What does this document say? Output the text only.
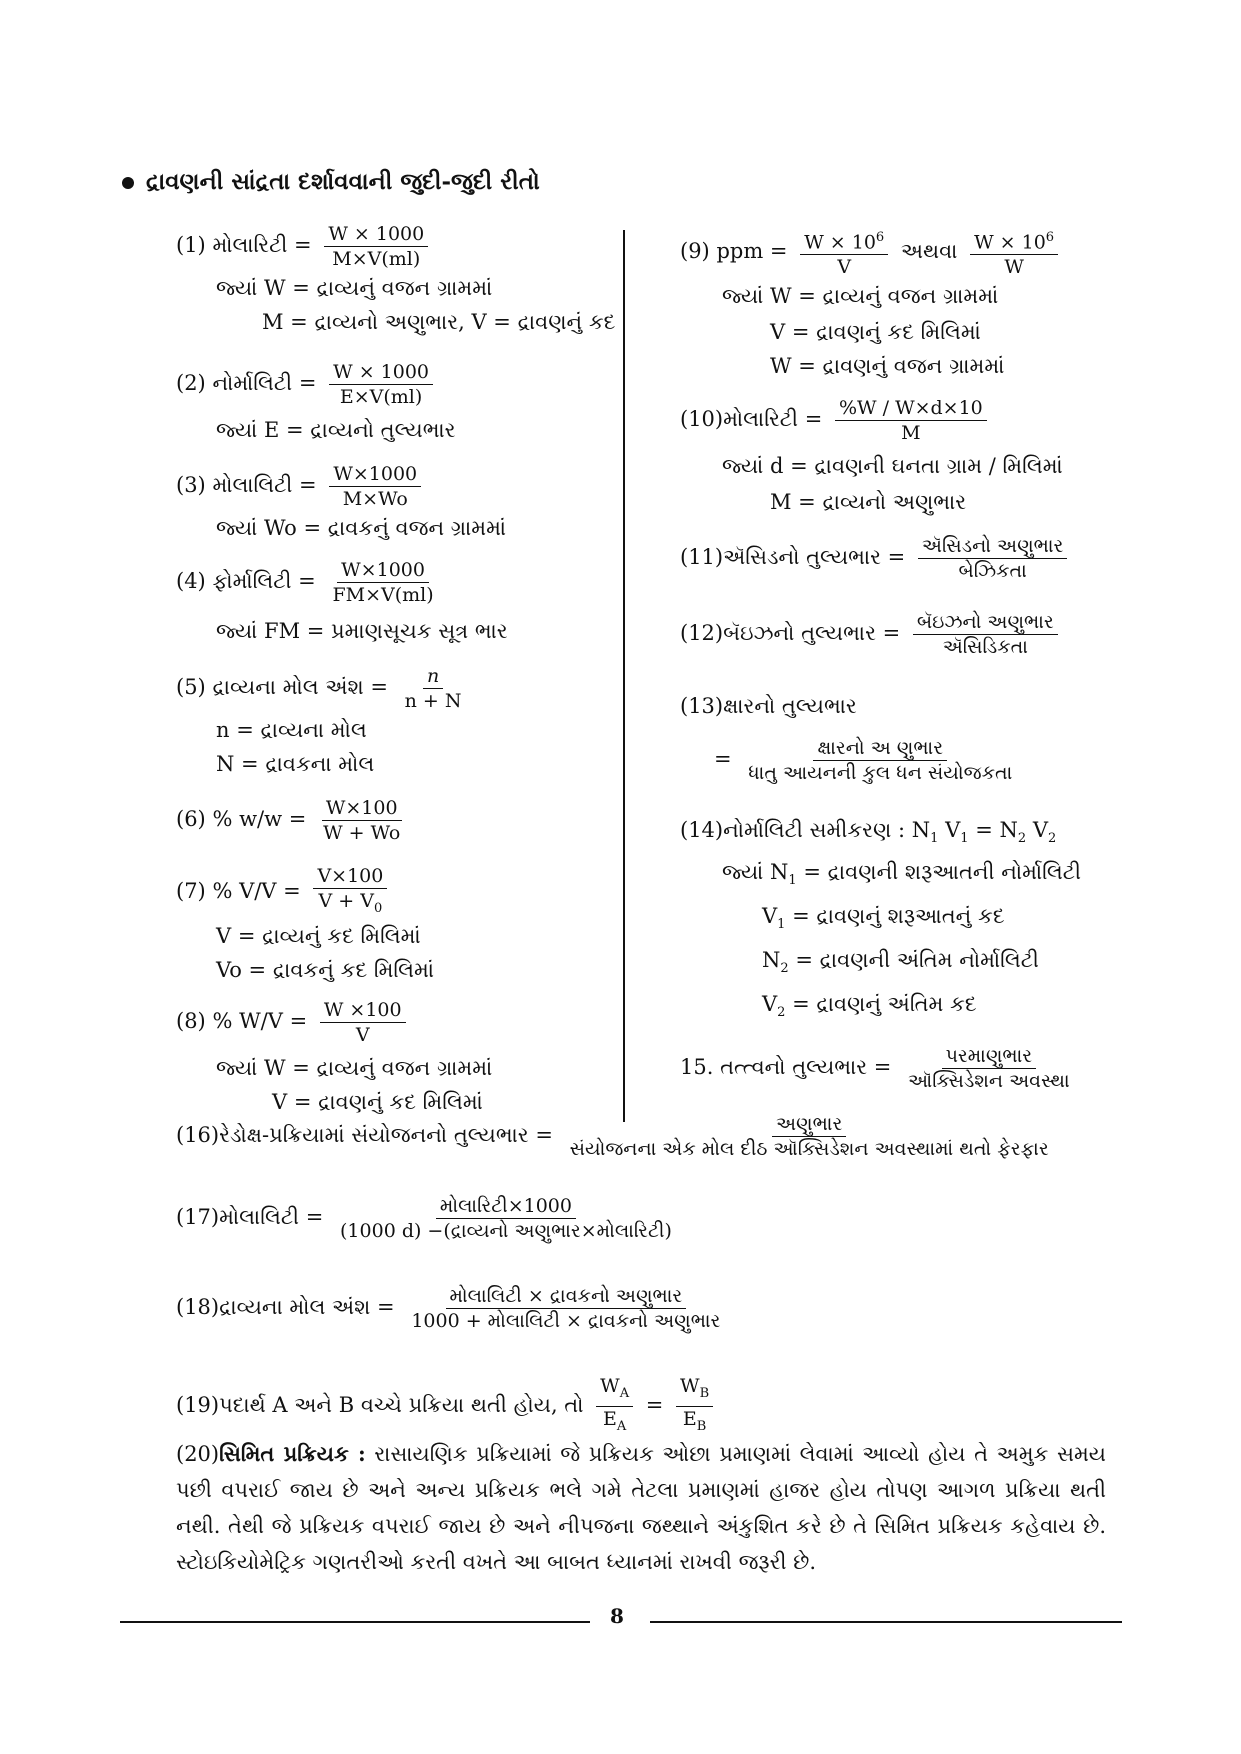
દ્રાવણની સાંદ્રતા દર્શાવવાની જુદી-જુદી રીતો
(1) મોલારિટી = $\frac{W \times 1000}{M\times V(ml)}$
જ્યાં W = દ્રાવ્યનું વજન ગ્રામમાં
M = દ્રાવ્યનો અણુભાર, V = દ્રાવણનું કદ
(2) નોર્માલિટી = $\frac{W \times 1000}{E\times V(ml)}$
જ્યાં E = દ્રાવ્યનો તુલ્યભાર
(3) મોલાલિટી = $\frac{W\times 1000}{M\times Wo}$
જ્યાં Wo = દ્રાવકનું વજન ગ્રામમાં
(4) ફોર્માલિટી = $\frac{W\times 1000}{FM\times V(ml)}$
જ્યાં FM = પ્રમાણસૂચક સૂત્ર ભાર
(5) દ્રાવ્યના મોલ અંશ = $\frac{n}{n + N}$
n = દ્રાવ્યના મોલ
N = દ્રાવકના મોલ
(6) % $w/w = \frac{W\times 100}{W + Wo}$
(7) % $V/V = \frac{V\times 100}{V + V_0}$
V = દ્રાવ્યનું કદ મિલિમાં
Vo = દ્રાવકનું કદ મિલિમાં
(8) % $W/V = \frac{W \times 100}{V}$
જ્યાં W = દ્રાવ્યનું વજન ગ્રામમાં
V = દ્રાવણનું કદ મિલિમાં
(9) ppm = $\frac{W \times 10^6}{V}$ અથવા $\frac{W \times 10^6}{W}$
જ્યાં W = દ્રાવ્યનું વજન ગ્રામમાં
V = દ્રાવણનું કદ મિલિમાં
W = દ્રાવણનું વજન ગ્રામમાં
(10)મોલારિટી = $\frac{\%W / W\times d\times 10}{M}$
જ્યાં d = દ્રાવણની ઘનતા ગ્રામ / મિલિમાં
M = દ્રાવ્યનો અણુભાર
(11)ઍસિડનો તુલ્યભાર = $\frac{\text{ઍસિડનો અણુભાર}}{\text{બેઝિકતા}}$
(12)બૅઇઝનો તુલ્યભાર = $\frac{\text{બૅઇઝનો અણુભાર}}{\text{ઍસિડિકતા}}$
(13)ક્ષારનો તુલ્યભાર
= $\frac{\text{ક્ષારનો અ ણુભાર}}{\text{ધાતુ આયનની કુલ ધન સંયોજકતા}}$
(14)નોર્માલિટી સમીકરણ : $N_1$ $V_1 = N_2$ $V_2$
જ્યાં $N_1$ = દ્રાવણની શરૂઆતની નોર્માલિટી
$V_1$ = દ્રાવણનું શરૂઆતનું કદ
$N_2$ = દ્રાવણની અંતિમ નોર્માલિટી
$V_2$ = દ્રાવણનું અંતિમ કદ
15. તત્ત્વનો તુલ્યભાર = $\frac{\text{પરમાણુભાર}}{\text{ઑક્સિડેશન અવસ્થા}}$
(16)રેડોક્ષ-પ્રક્રિયામાં સંયોજનનો તુલ્યભાર = $\frac{\text{અણુભાર}}{\text{સંયોજનના એક મોલ દીઠ ઑક્સિડેશન અવસ્થામાં થતો ફેરફાર}}$
(17)મોલાલિટી = $\frac{\text{મોલારિટી×1000}}{\text{(1000 d) −(દ્રાવ્યનો અણુભાર×મોલારિટી)}}$
(18)દ્રાવ્યના મોલ અંશ = $\frac{\text{મોલાલિટી × દ્રાવકનો અણુભાર}}{\text{1000 + મોલાલિટી × દ્રાવકનો અણુભાર}}$
(19)પદાર્થ A અને B વચ્ચે પ્રક્રિયા થતી હોય, તો $\frac{W_A}{E_A} = \frac{W_B}{E_B}$
(20)સિમિત પ્રક્રિયક : રાસાયણિક પ્રક્રિયામાં જે પ્રક્રિયક ઓછા પ્રમાણમાં લેવામાં આવ્યો હોય તે અમુક સમય પછી વપરાઈ જાય છે અને અન્ય પ્રક્રિયક ભલે ગમે તેટલા પ્રમાણમાં હાજર હોય તોપણ આગળ પ્રક્રિયા થતી નથી. તેથી જે પ્રક્રિયક વપરાઈ જાય છે અને નીપજના જથ્થાને અંકુશિત કરે છે તે સિમિત પ્રક્રિયક કહેવાય છે. સ્ટોઇકિયોમેટ્રિક ગણતરીઓ કરતી વખતે આ બાબત ધ્યાનમાં રાખવી જરૂરી છે.
8
